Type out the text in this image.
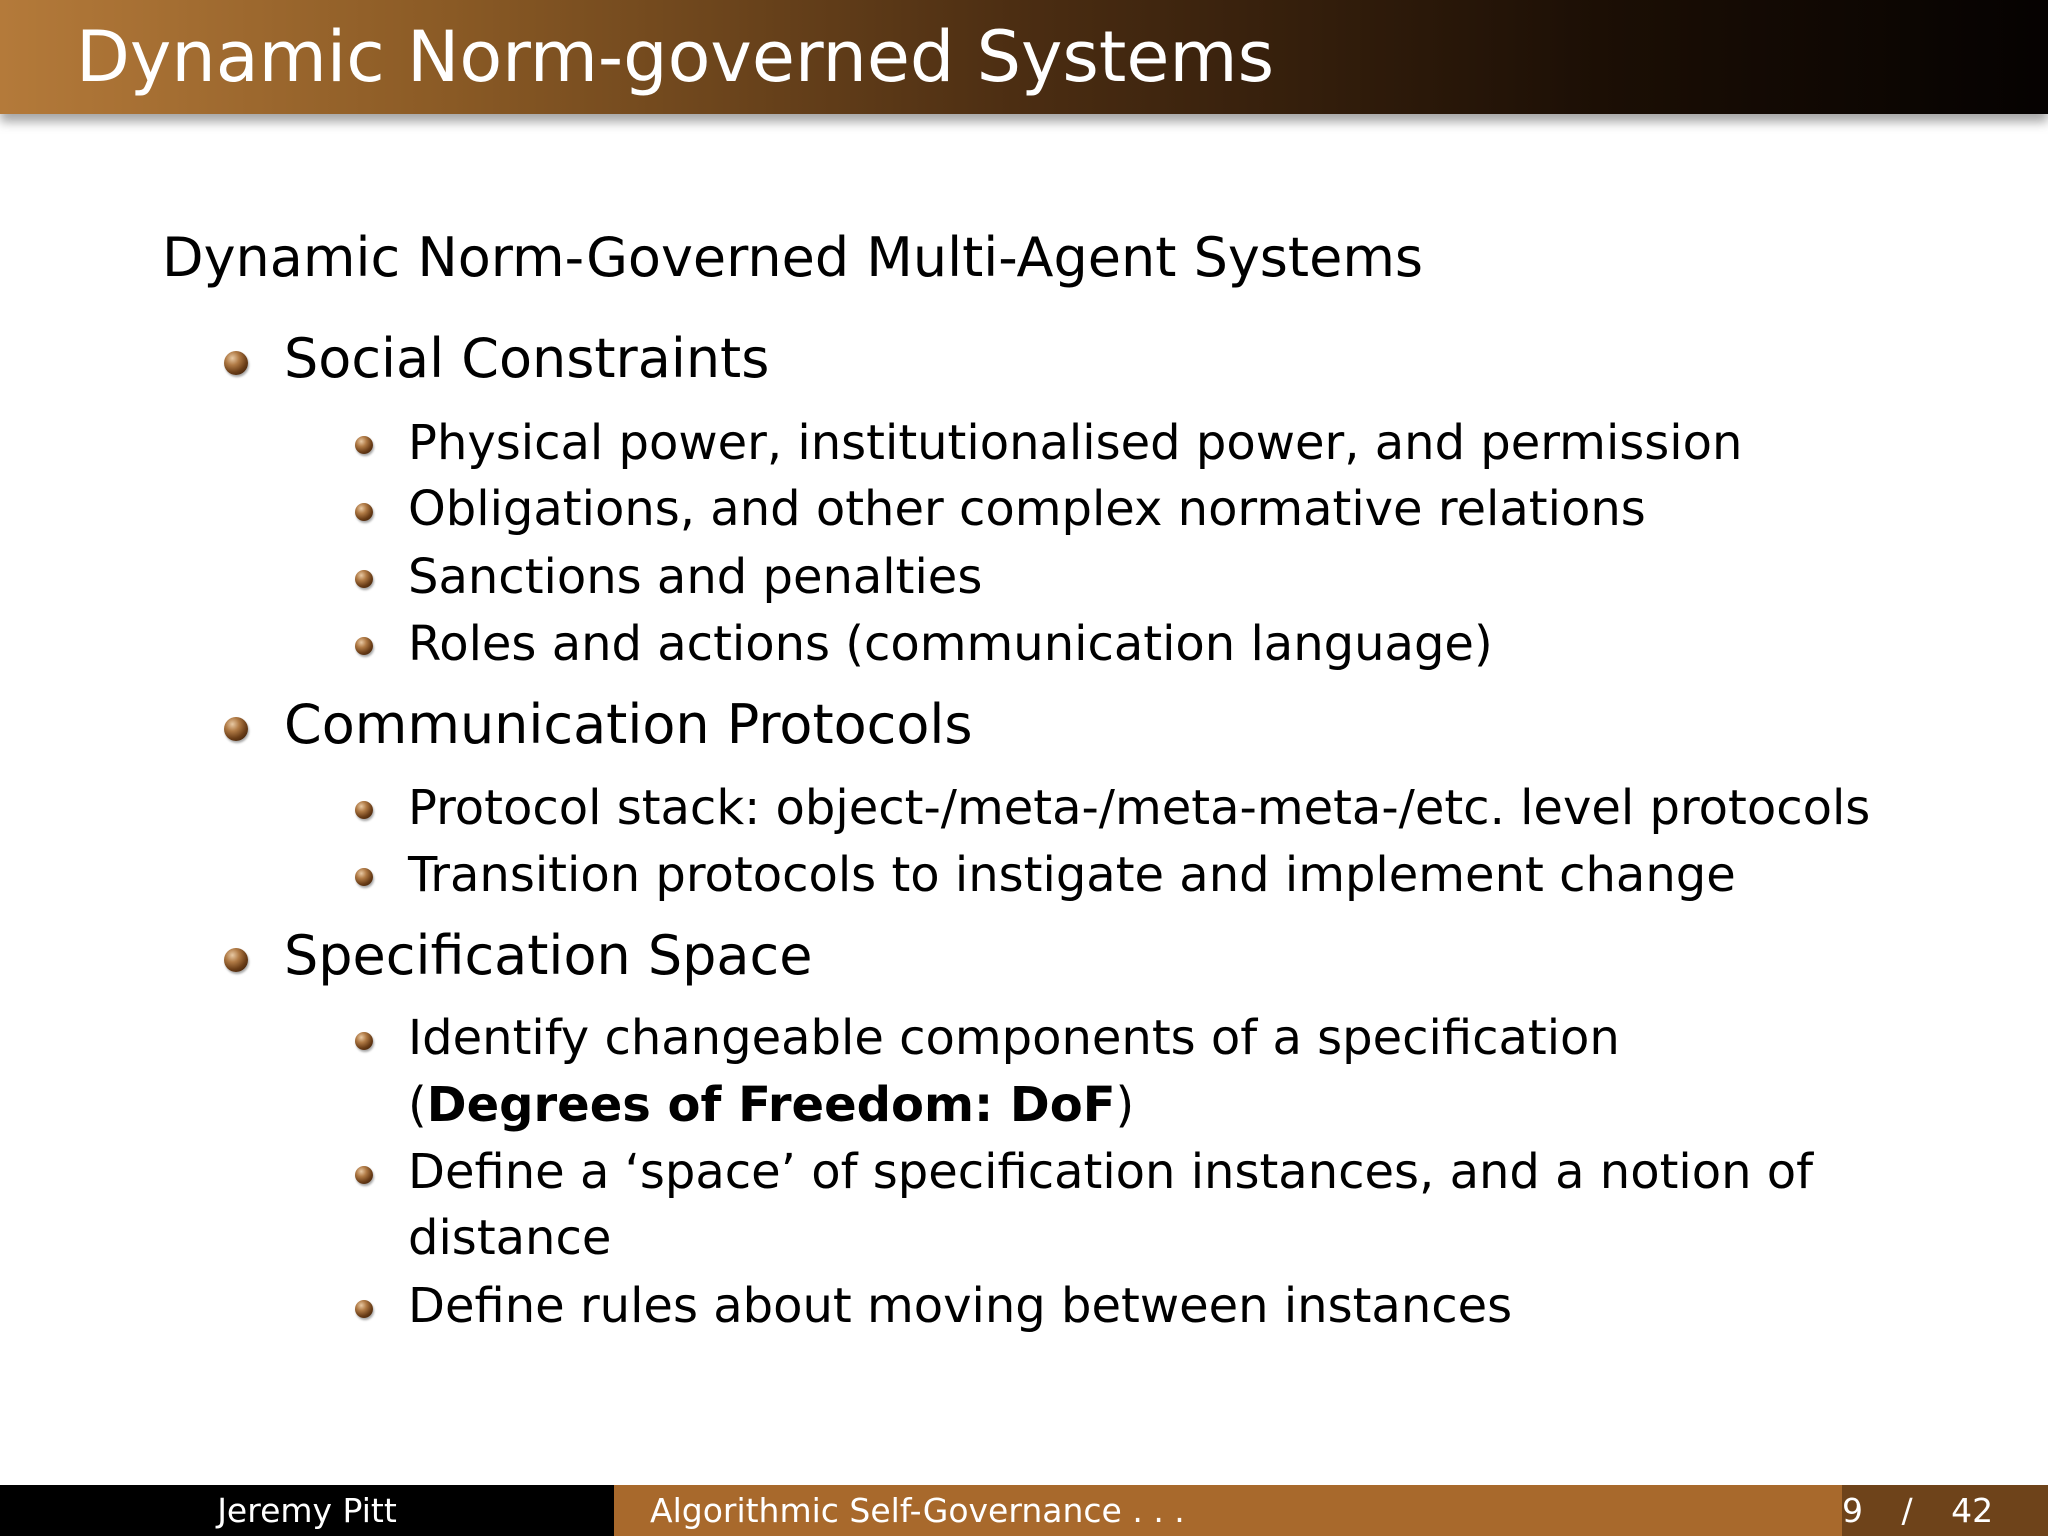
Dynamic Norm-governed Systems
Dynamic Norm-Governed Multi-Agent Systems
Social Constraints
Physical power, institutionalised power, and permission
Obligations, and other complex normative relations
Sanctions and penalties
Roles and actions (communication language)
Communication Protocols
Protocol stack: object-/meta-/meta-meta-/etc. level protocols
Transition protocols to instigate and implement change
Specification Space
Identify changeable components of a specification
(Degrees of Freedom: DoF)
Define a ‘space’ of specification instances, and a notion of
distance
Define rules about moving between instances
Jeremy Pitt	Algorithmic Self-Governance . . .	9 / 42
